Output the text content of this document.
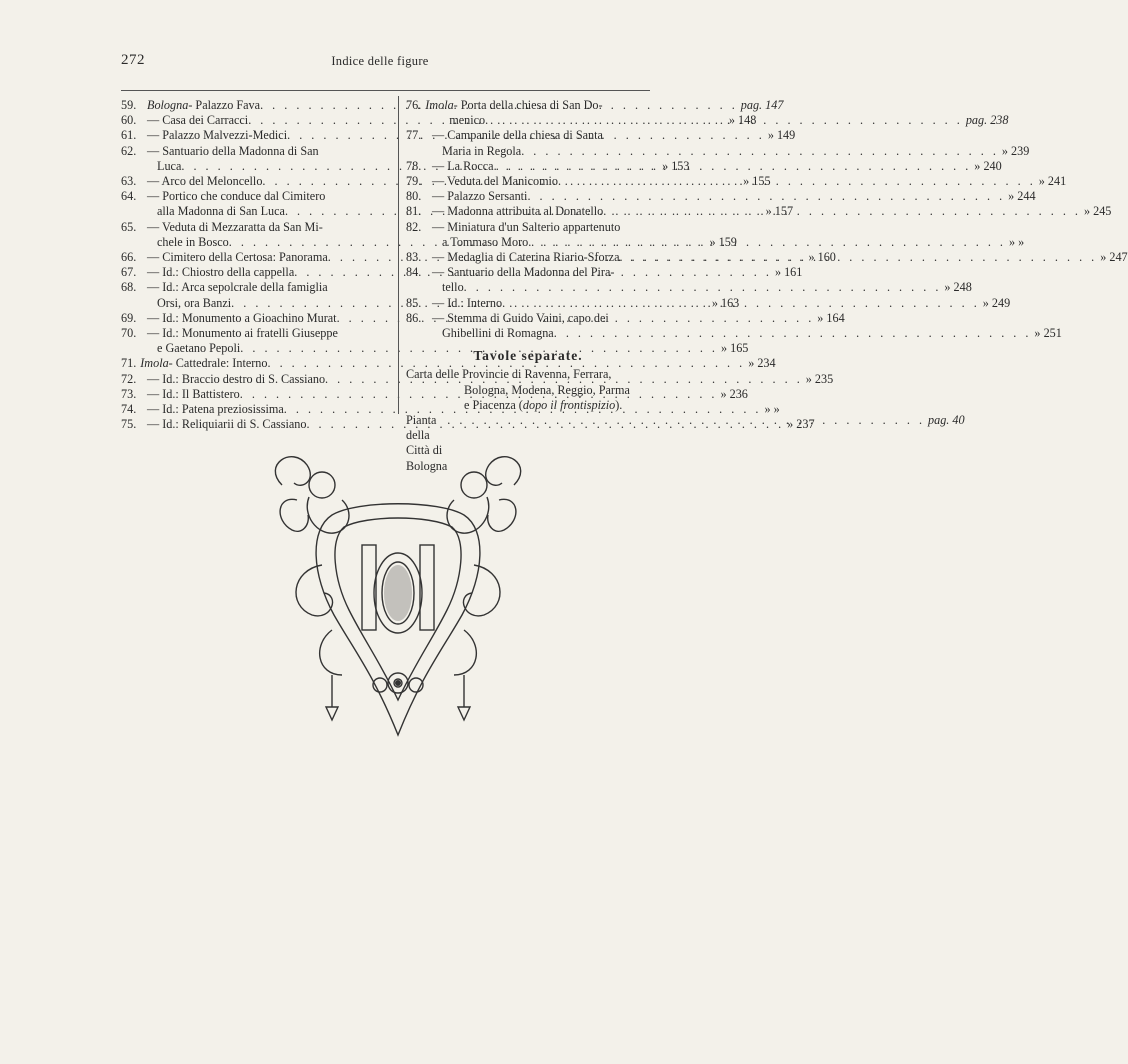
272	Indice delle figure
59. Bologna - Palazzo Fava . . .	pag. 147
60. — Casa dei Carracci . . .	» 148
61. — Palazzo Malvezzi-Medici . . .	» 149
62. — Santuario della Madonna di San
Luca . . .	» 153
63. — Arco del Meloncello . . .	» 155
64. — Portico che conduce dal Cimitero
alla Madonna di San Luca . . .	» 157
65. — Veduta di Mezzaratta da San Mi-
chele in Bosco . . .	» 159
66. — Cimitero della Certosa: Panorama . . .	» 160
67. — Id.: Chiostro della cappella . . .	» 161
68. — Id.: Arca sepolcrale della famiglia
Orsi, ora Banzi . . .	» 163
69. — Id.: Monumento a Gioachino Murat . . .	» 164
70. — Id.: Monumento ai fratelli Giuseppe
e Gaetano Pepoli . . .	» 165
71. Imola - Cattedrale: Interno . . .	» 234
72. — Id.: Braccio destro di S. Cassiano . . .	» 235
73. — Id.: Il Battistero . . .	» 236
74. — Id.: Patena preziosissima . . .	» »
75. — Id.: Reliquiarii di S. Cassiano . . .	» 237
76. Imola - Porta della chiesa di San Do-
menico . . .	pag. 238
77. — Campanile della chiesa di Santa
Maria in Regola . . .	» 239
78. — La Rocca . . .	» 240
79. — Veduta del Manicomio . . .	» 241
80. — Palazzo Sersanti . . .	» 244
81. — Madonna attribuita al Donatello . . .	» 245
82. — Miniatura d'un Salterio appartenuto
a Tommaso Moro . . .	» »
83. — Medaglia di Caterina Riario-Sforza . . .	» 247
84. — Santuario della Madonna del Pira-
tello . . .	» 248
85. — Id.: Interno . . .	» 249
86. — Stemma di Guido Vaini, capo dei
Ghibellini di Romagna . . .	» 251
Tavole separate.

Carta delle Provincie di Ravenna, Ferrara,

Bologna, Modena, Reggio, Parma

e Piacenza (dopo il frontispizio).

Pianta della Città di Bologna
. . .
pag. 40
